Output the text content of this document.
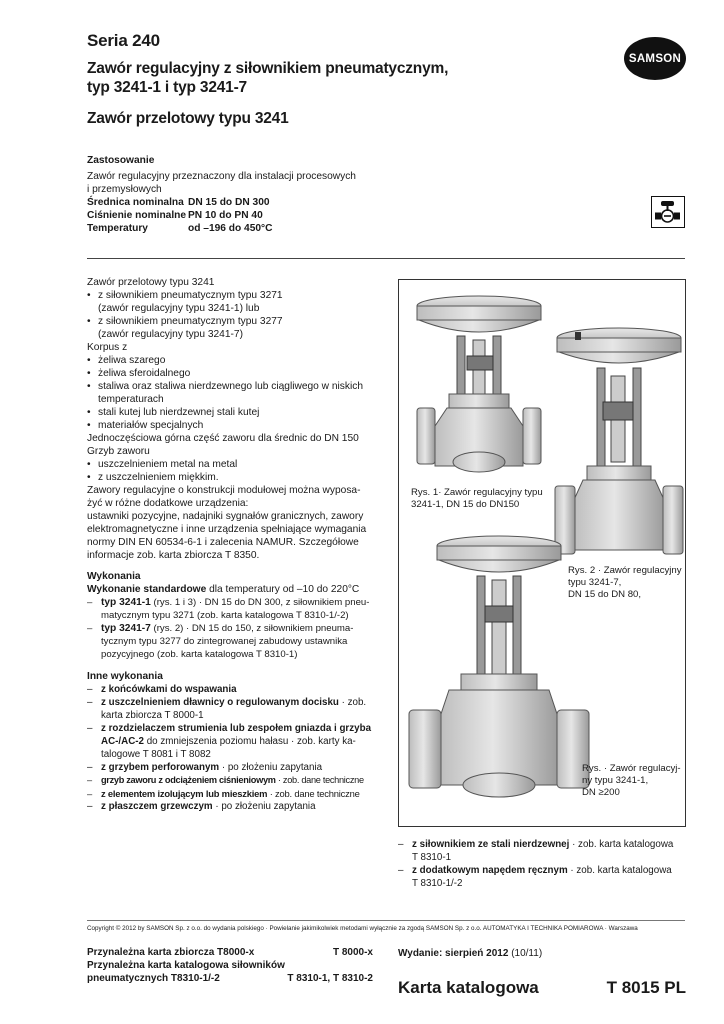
Seria 240
Zawór regulacyjny z siłownikiem pneumatycznym,
typ 3241-1 i typ 3241-7
Zawór przelotowy typu 3241
SAMSON
Zastosowanie
Zawór regulacyjny przeznaczony dla instalacji procesowych
i przemysłowych
Średnica nominalna DN 15 do DN 300
Ciśnienie nominalne PN 10 do PN 40
Temperatury	od –196 do 450°C
Zawór przelotowy typu 3241
• z siłownikiem pneumatycznym typu 3271
(zawór regulacyjny typu 3241-1) lub
• z siłownikiem pneumatycznym typu 3277
(zawór regulacyjny typu 3241-7)
Korpus z
• żeliwa szarego
• żeliwa sferoidalnego
• staliwa oraz staliwa nierdzewnego lub ciągliwego w niskich
temperaturach
• stali kutej lub nierdzewnej stali kutej
• materiałów specjalnych
Jednoczęściowa górna część zaworu dla średnic do DN 150
Grzyb zaworu
• uszczelnieniem metal na metal
• z uszczelnieniem miękkim.
Zawory regulacyjne o konstrukcji modułowej można wyposa-
żyć w różne dodatkowe urządzenia:
ustawniki pozycyjne, nadajniki sygnałów granicznych, zawory
elektromagnetyczne i inne urządzenia spełniające wymagania
normy DIN EN 60534-6-1 i zalecenia NAMUR. Szczegółowe
informacje zob. karta zbiorcza T 8350.
Wykonania
Wykonanie standardowe dla temperatury od –10 do 220°C
– typ 3241-1 (rys. 1 i 3) · DN 15 do DN 300, z siłownikiem pneu-
matycznym typu 3271 (zob. karta katalogowa T 8310-1/-2)
– typ 3241-7 (rys. 2) · DN 15 do 150, z siłownikiem pneuma-
tycznym typu 3277 do zintegrowanej zabudowy ustawnika
pozycyjnego (zob. karta katalogowa T 8310-1)
Inne wykonania
– z końcówkami do wspawania
– z uszczelnieniem dławnicy o regulowanym docisku · zob.
karta zbiorcza T 8000-1
– z rozdzielaczem strumienia lub zespołem gniazda i grzyba
AC-/AC-2 do zmniejszenia poziomu hałasu · zob. karty ka-
talogowe T 8081 i T 8082
– z grzybem perforowanym · po złożeniu zapytania
– grzyb zaworu z odciążeniem ciśnieniowym · zob. dane techniczne
– z elementem izolującym lub mieszkiem · zob. dane techniczne
– z płaszczem grzewczym · po złożeniu zapytania
Rys. 1· Zawór regulacyjny typu
3241-1, DN 15 do DN150
Rys. 2 · Zawór regulacyjny
typu 3241-7,
DN 15 do DN 80,
Rys. · Zawór regulacyj-
ny typu 3241-1,
DN ≥200
– z siłownikiem ze stali nierdzewnej · zob. karta katalogowa
T 8310-1
– z dodatkowym napędem ręcznym · zob. karta katalogowa
T 8310-1/-2
Copyright © 2012 by SAMSON Sp. z o.o. do wydania polskiego · Powielanie jakimikolwiek metodami wyłącznie za zgodą SAMSON Sp. z o.o. AUTOMATYKA I TECHNIKA POMIAROWA · Warszawa
Przynależna karta zbiorcza T8000-x	T 8000-x
Przynależna karta katalogowa siłowników
pneumatycznych T8310-1/-2	T 8310-1, T 8310-2
Wydanie: sierpień 2012 (10/11)
Karta katalogowa	T 8015 PL
